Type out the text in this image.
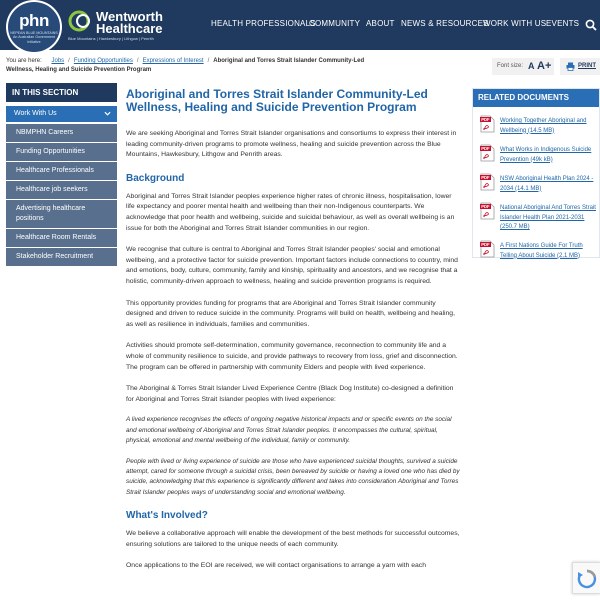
phn
NEPEAN BLUE MOUNTAINS
An Australian Government Initiative
Wentworth
Healthcare
Blue Mountains | Hawkesbury | Lithgow | Penrith
HEALTH PROFESSIONALS
COMMUNITY ABOUT NEWS & RESOURCES
WORK WITH US EVENTS
You are here: Jobs / Funding Opportunities / Expressions of Interest / Aboriginal and Torres Strait Islander Community-Led Wellness, Healing and Suicide Prevention Program
Font size: A A+	PRINT
IN THIS SECTION
Work With Us
NBMPHN Careers
Funding Opportunities
Healthcare Professionals
Healthcare job seekers
Advertising healthcare positions
Healthcare Room Rentals
Stakeholder Recruitment
Aboriginal and Torres Strait Islander Community-Led Wellness, Healing and Suicide Prevention Program
We are seeking Aboriginal and Torres Strait Islander organisations and consortiums to express their interest in leading community-driven programs to promote wellness, healing and suicide prevention across the Blue Mountains, Hawkesbury, Lithgow and Penrith areas.
Background
Aboriginal and Torres Strait Islander peoples experience higher rates of chronic illness, hospitalisation, lower life expectancy and poorer mental health and wellbeing than their non-Indigenous counterparts. We acknowledge that poor health and wellbeing, suicide and suicidal behaviour, as well as overall wellbeing is an issue for both the Aboriginal and Torres Strait Islander communities in our region.
We recognise that culture is central to Aboriginal and Torres Strait Islander peoples' social and emotional wellbeing, and a protective factor for suicide prevention. Important factors include connections to country, mind and emotions, body, culture, community, family and kinship, spirituality and ancestors, and we recognise that a holistic, community-driven approach to wellness, healing and suicide prevention programs is required.
This opportunity provides funding for programs that are Aboriginal and Torres Strait Islander community designed and driven to reduce suicide in the community. Programs will build on health, wellbeing and healing, as well as resilience in individuals, families and communities.
Activities should promote self-determination, community governance, reconnection to community life and a whole of community resilience to suicide, and provide pathways to recovery from loss, grief and disconnection. The program can be offered in partnership with community Elders and people with lived experience.
The Aboriginal & Torres Strait Islander Lived Experience Centre (Black Dog Institute) co-designed a definition for Aboriginal and Torres Strait Islander peoples with lived experience:
A lived experience recognises the effects of ongoing negative historical impacts and or specific events on the social and emotional wellbeing of Aboriginal and Torres Strait Islander peoples. It encompasses the cultural, spiritual, physical, emotional and mental wellbeing of the individual, family or community.
People with lived or living experience of suicide are those who have experienced suicidal thoughts, survived a suicide attempt, cared for someone through a suicidal crisis, been bereaved by suicide or having a loved one who has died by suicide, acknowledging that this experience is significantly different and takes into consideration Aboriginal and Torres Strait Islander peoples ways of understanding social and emotional wellbeing.
What's Involved?
We believe a collaborative approach will enable the development of the best methods for successful outcomes, ensuring solutions are tailored to the unique needs of each community.
Once applications to the EOI are received, we will contact organisations to arrange a yarn with each
RELATED DOCUMENTS
PDF Working Together Aboriginal and Wellbeing (14.5 MB)
PDF What Works in Indigenous Suicide Prevention (49k kB)
PDF NSW Aboriginal Health Plan 2024 - 2034 (14.1 MB)
PDF National Aboriginal And Torres Strait Islander Health Plan 2021-2031 (250.7 MB)
PDF A First Nations Guide For Truth Telling About Suicide (2.1 MB)
